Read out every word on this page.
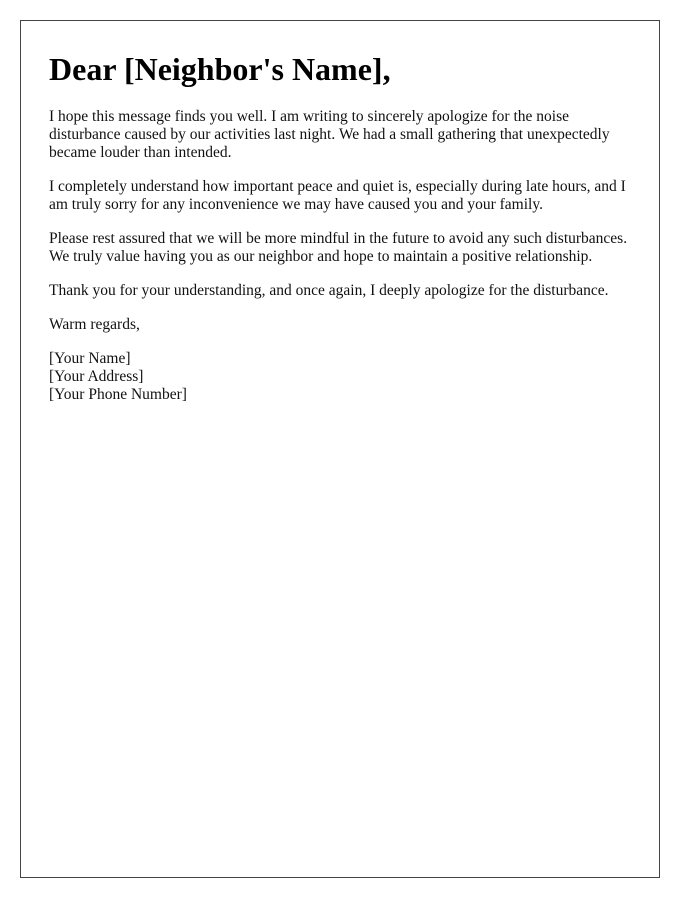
Dear [Neighbor's Name],

I hope this message finds you well. I am writing to sincerely apologize for the noise disturbance caused by our activities last night. We had a small gathering that unexpectedly became louder than intended.

I completely understand how important peace and quiet is, especially during late hours, and I am truly sorry for any inconvenience we may have caused you and your family.

Please rest assured that we will be more mindful in the future to avoid any such disturbances. We truly value having you as our neighbor and hope to maintain a positive relationship.

Thank you for your understanding, and once again, I deeply apologize for the disturbance.

Warm regards,

[Your Name]
[Your Address]
[Your Phone Number]
